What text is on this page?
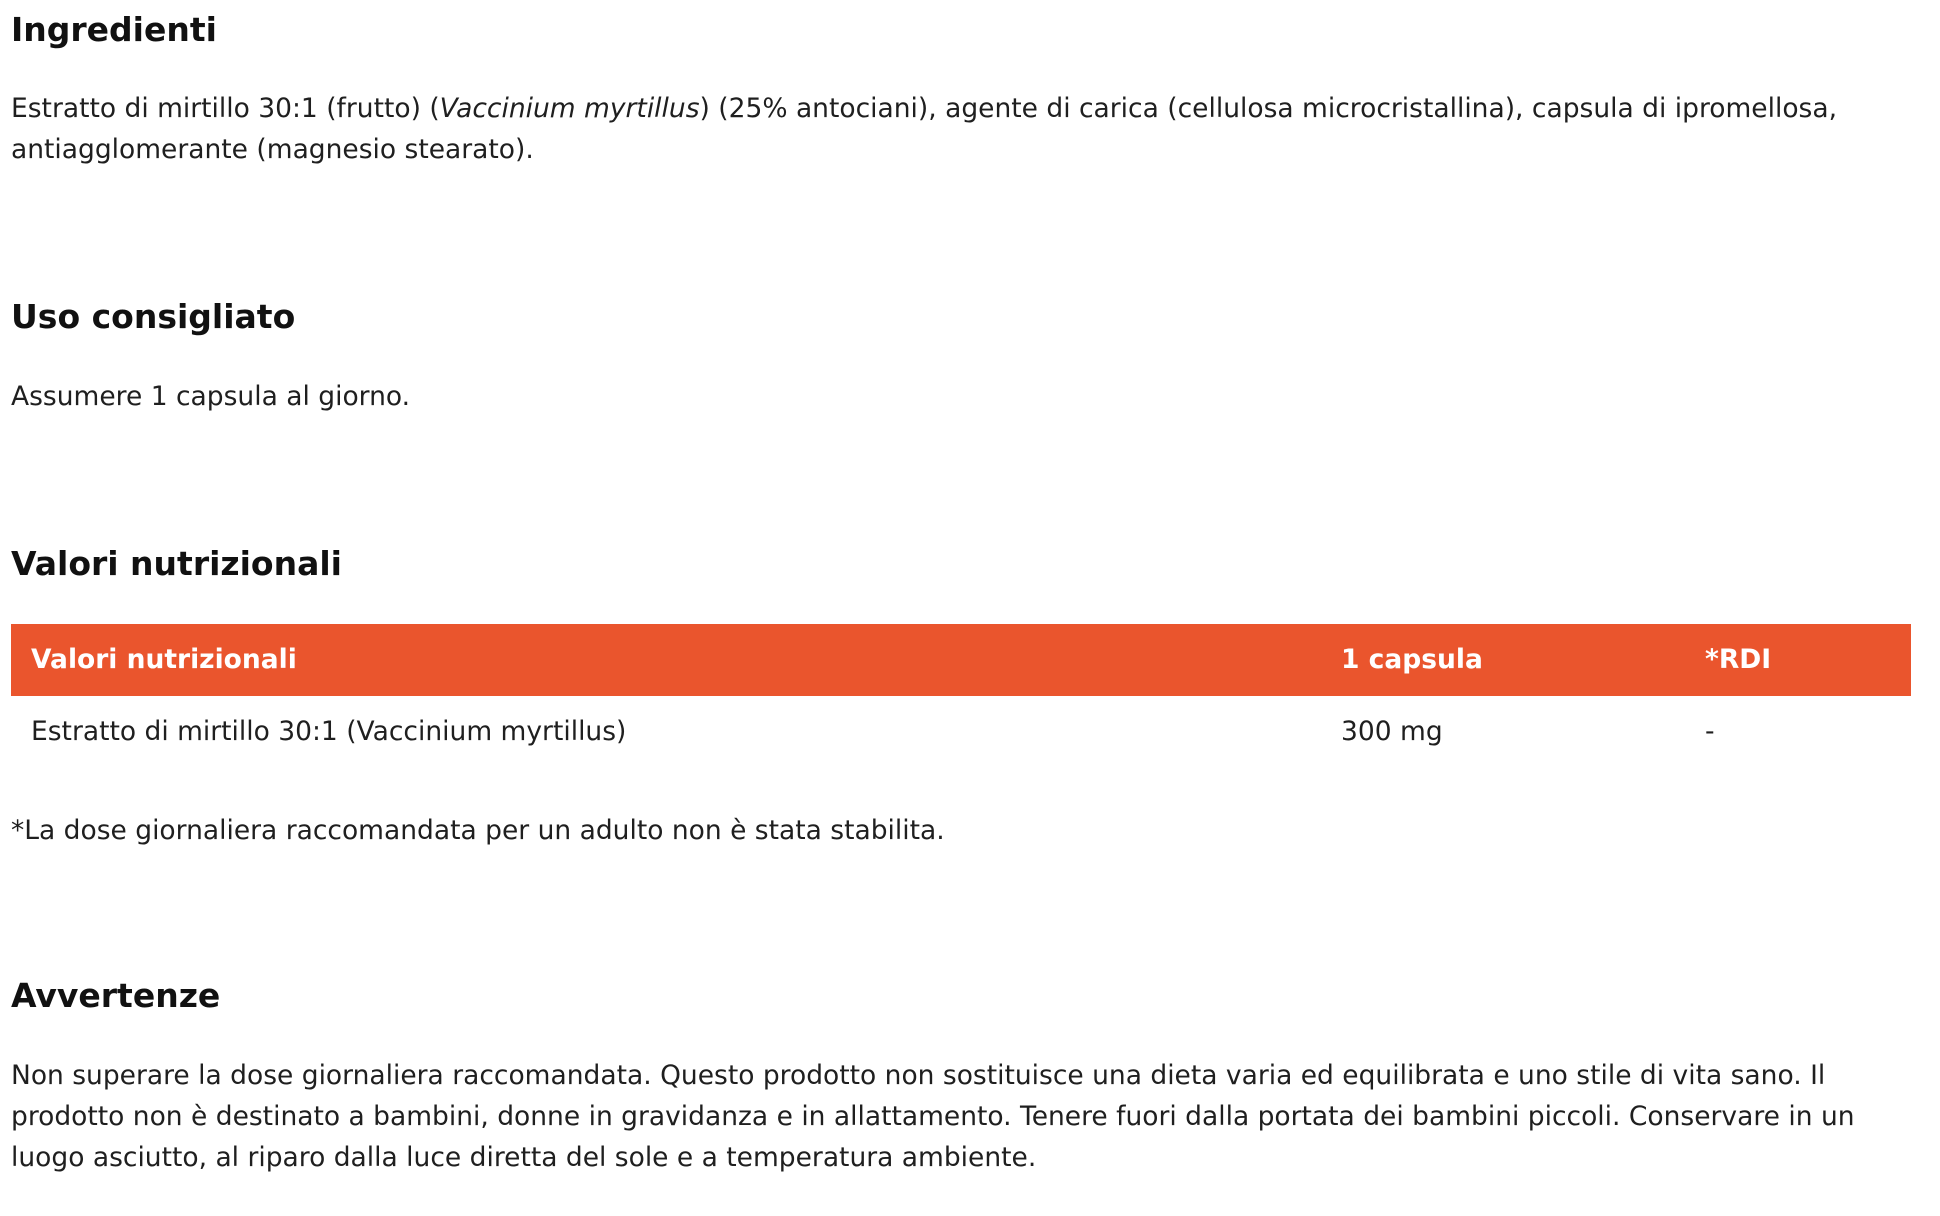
Ingredienti

Estratto di mirtillo 30:1 (frutto) (Vaccinium myrtillus) (25% antociani), agente di carica (cellulosa microcristallina), capsula di ipromellosa, antiagglomerante (magnesio stearato).

Uso consigliato

Assumere 1 capsula al giorno.

Valori nutrizionali
Valori nutrizionali	1 capsula	*RDI
Estratto di mirtillo 30:1 (Vaccinium myrtillus)	300 mg	-

*La dose giornaliera raccomandata per un adulto non è stata stabilita.

Avvertenze

Non superare la dose giornaliera raccomandata. Questo prodotto non sostituisce una dieta varia ed equilibrata e uno stile di vita sano. Il prodotto non è destinato a bambini, donne in gravidanza e in allattamento. Tenere fuori dalla portata dei bambini piccoli. Conservare in un luogo asciutto, al riparo dalla luce diretta del sole e a temperatura ambiente.
